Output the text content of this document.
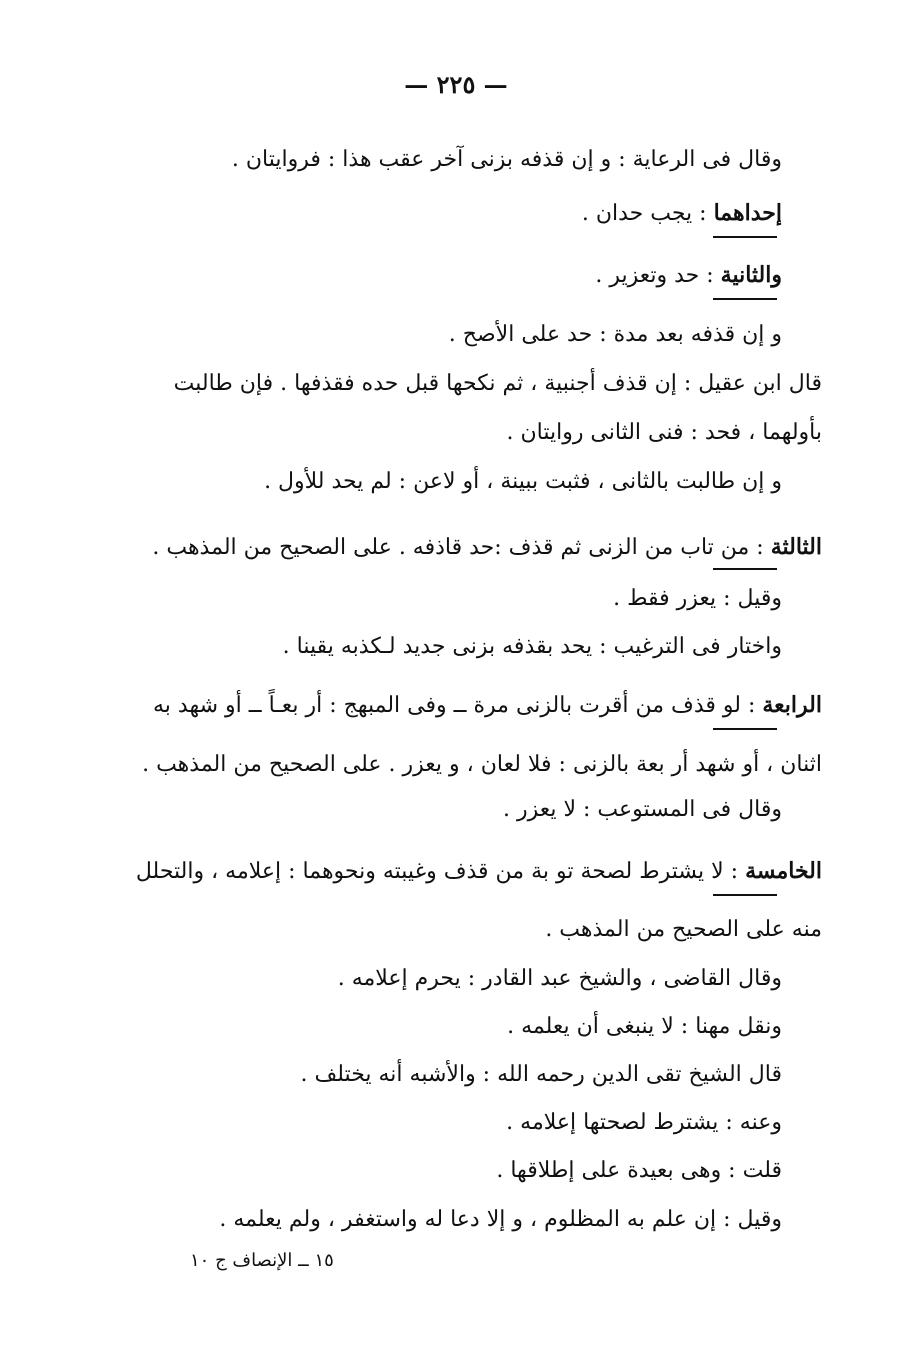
— ٢٢٥ —
وقال فى الرعاية : و إن قذفه بزنى آخر عقب هذا : فروايتان .
إحداهما : يجب حدان .
والثانية : حد وتعزير .
و إن قذفه بعد مدة : حد على الأصح .
قال ابن عقيل : إن قذف أجنبية ، ثم نكحها قبل حده فقذفها . فإن طالبت
بأولهما ، فحد : فنى الثانى روايتان .
و إن طالبت بالثانى ، فثبت ببينة ، أو لاعن : لم يحد للأول .
الثالثة : من تاب من الزنى ثم قذف :حد قاذفه . على الصحيح من المذهب .
وقيل : يعزر فقط .
واختار فى الترغيب : يحد بقذفه بزنى جديد لـكذبه يقينا .
الرابعة : لو قذف من أقرت بالزنى مرة ــ وفى المبهج : أر بعـاً ــ أو شهد به
اثنان ، أو شهد أر بعة بالزنى : فلا لعان ، و يعزر . على الصحيح من المذهب .
وقال فى المستوعب : لا يعزر .
الخامسة : لا يشترط لصحة تو بة من قذف وغيبته ونحوهما : إعلامه ، والتحلل
منه على الصحيح من المذهب .
وقال القاضى ، والشيخ عبد القادر : يحرم إعلامه .
ونقل مهنا : لا ينبغى أن يعلمه .
قال الشيخ تقى الدين رحمه الله : والأشبه أنه يختلف .
وعنه : يشترط لصحتها إعلامه .
قلت : وهى بعيدة على إطلاقها .
وقيل : إن علم به المظلوم ، و إلا دعا له واستغفر ، ولم يعلمه .
١٥ ــ الإنصاف ج ١٠
